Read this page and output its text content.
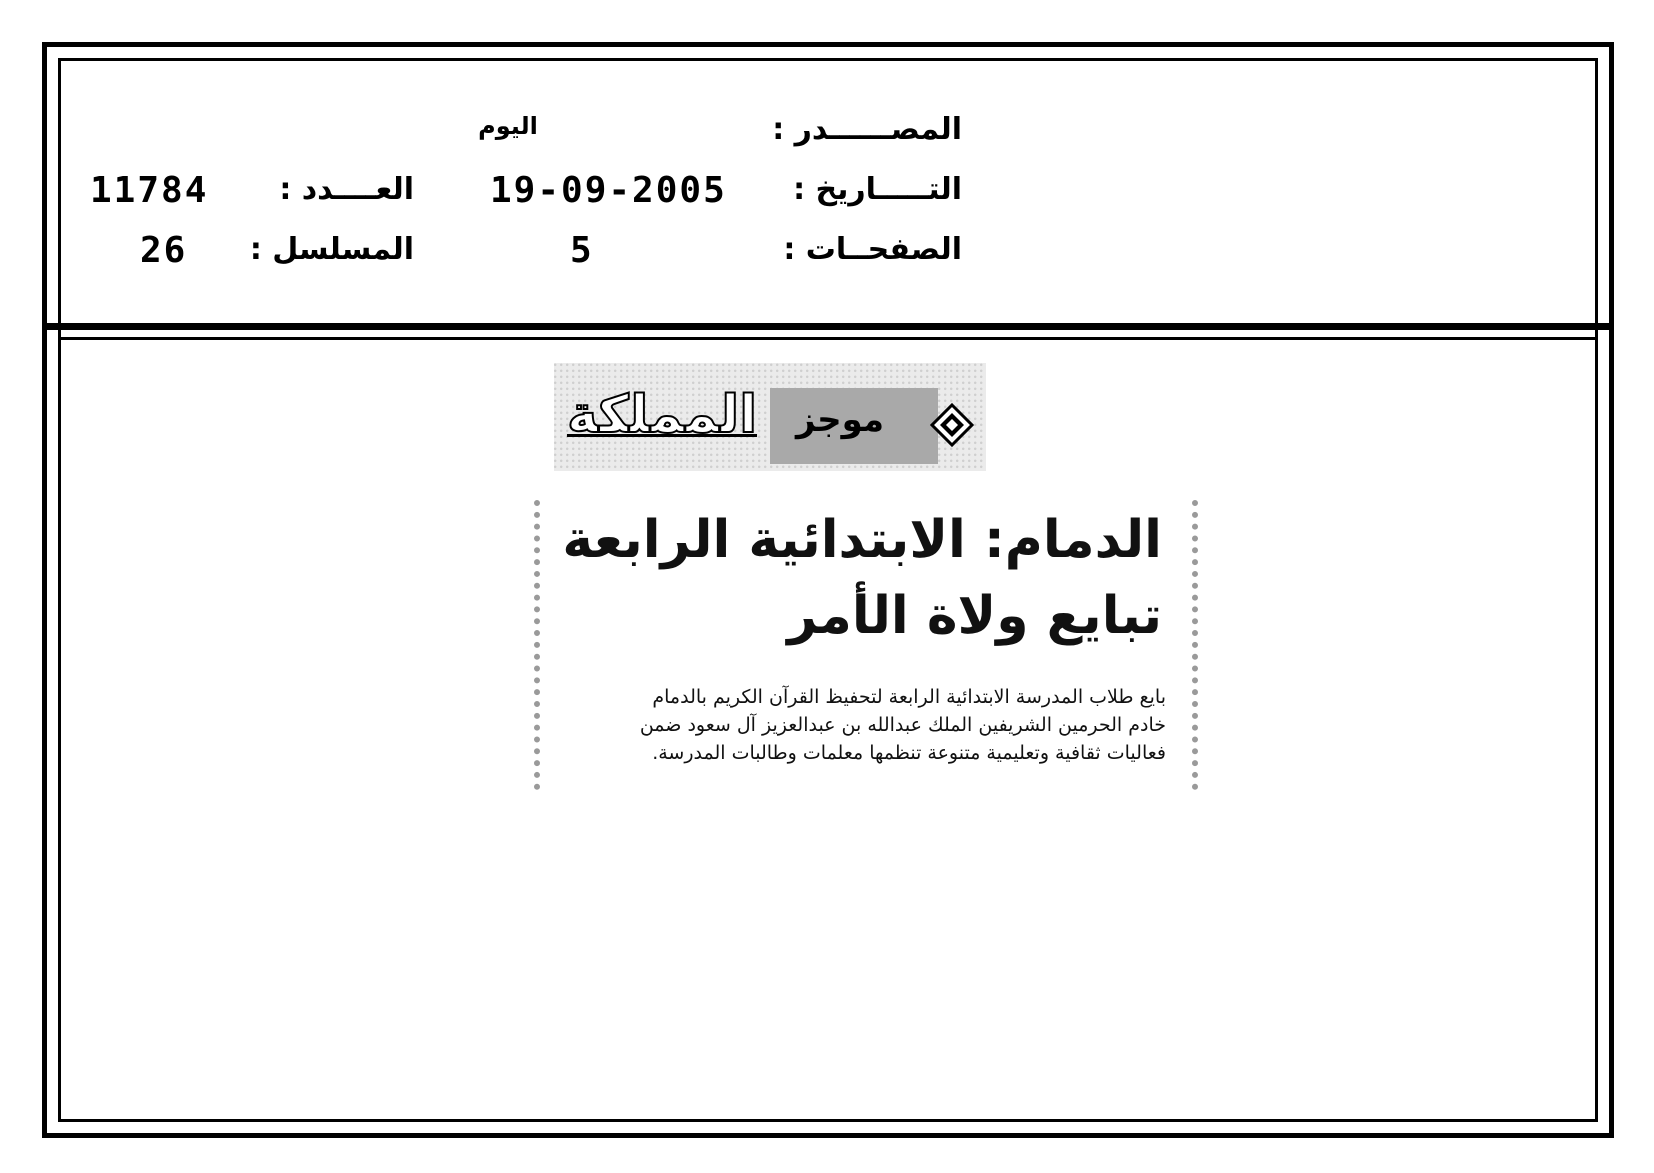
المصــــــدر :
اليوم
التـــــاريخ :
19-09-2005
العــــدد :
11784
الصفحــات :
5
المسلسل :
26
موجز
المملكة
الدمام: الابتدائية الرابعة
تبايع ولاة الأمر
بايع طلاب المدرسة الابتدائية الرابعة لتحفيظ القرآن الكريم بالدمام
خادم الحرمين الشريفين الملك عبدالله بن عبدالعزيز آل سعود ضمن
فعاليات ثقافية وتعليمية متنوعة تنظمها معلمات وطالبات المدرسة.
